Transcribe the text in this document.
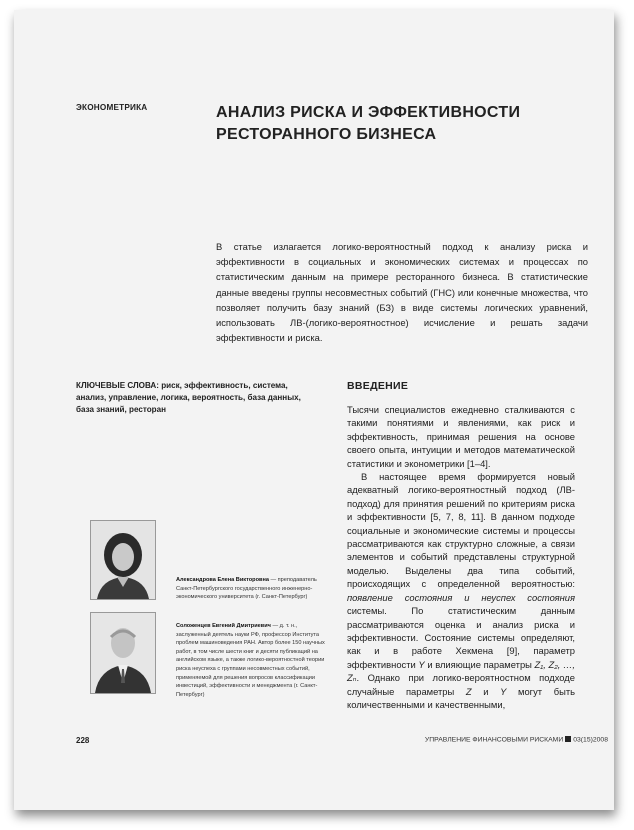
ЭКОНОМЕТРИКА	АНАЛИЗ РИСКА И ЭФФЕКТИВНОСТИ
РЕСТОРАННОГО БИЗНЕСА
В статье излагается логико-вероятностный подход к анализу риска и эффективности в социальных и экономических системах и процессах по статистическим данным на примере ресторанного бизнеса. В статистические данные введены группы несовместных событий (ГНС) или конечные множества, что позволяет получить базу знаний (БЗ) в виде системы логических уравнений, использовать ЛВ-(логико-вероятностное) исчисление и решать задачи эффективности и риска.
КЛЮЧЕВЫЕ СЛОВА: риск, эффективность, система, анализ, управление, логика, вероятность, база данных, база знаний, ресторан
ВВЕДЕНИЕ

Тысячи специалистов ежедневно сталкиваются с такими понятиями и явлениями, как риск и эффективность, принимая решения на основе своего опыта, интуиции и методов математической статистики и эконометрики [1–4].

В настоящее время формируется новый адекватный логико-вероятностный подход (ЛВ-подход) для принятия решений по критериям риска и эффективности [5, 7, 8, 11]. В данном подходе социальные и экономические системы и процессы рассматриваются как структурно сложные, а связи элементов и событий представлены структурной моделью. Выделены два типа событий, происходящих с определенной вероятностью: появление состояния и неуспех состояния системы. По статистическим данным рассматриваются оценка и анализ риска и эффективности. Состояние системы определяют, как и в работе Хекмена [9], параметр эффективности Y и влияющие параметры Z₁, Z₂, …, Zₙ. Однако при логико-вероятностном подходе случайные параметры Z и Y могут быть количественными и качественными,

Александрова Елена Викторовна — преподаватель Санкт-Петербургского государственного инженерно-экономического университета (г. Санкт-Петербург)
Соложенцев Евгений Дмитриевич — д. т. н., заслуженный деятель науки РФ, профессор Института проблем машиноведения РАН. Автор более 150 научных работ, в том числе шести книг и десяти публикаций на английском языке, а также логико-вероятностной теории риска неуспеха с группами несовместных событий, применяемой для решения вопросов классификации инвестиций, эффективности и менеджмента (г. Санкт-Петербург)
228	УПРАВЛЕНИЕ ФИНАНСОВЫМИ РИСКАМИ 03(15)2008
